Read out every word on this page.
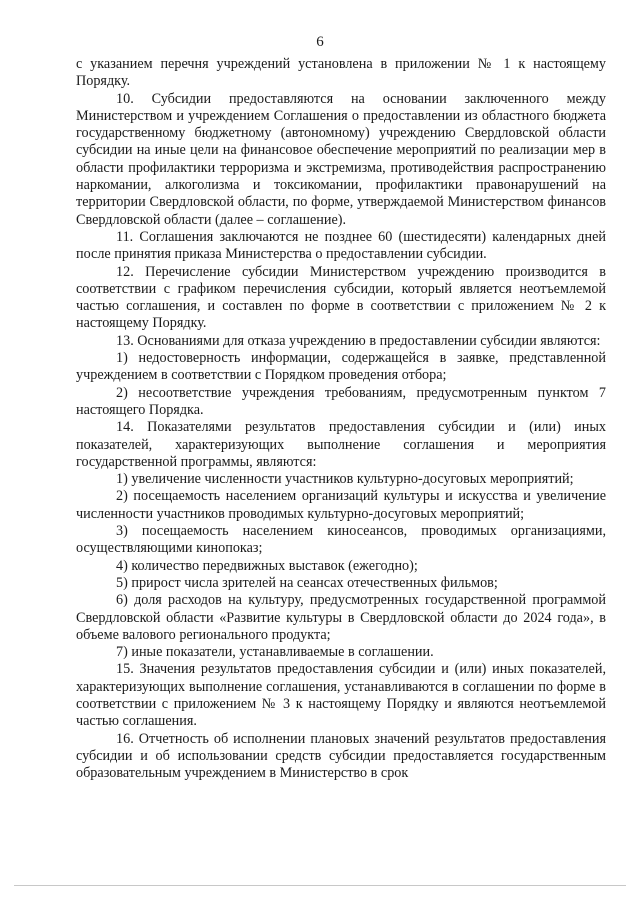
6

с указанием перечня учреждений установлена в приложении № 1 к настоящему Порядку.

10. Субсидии предоставляются на основании заключенного между Министерством и учреждением Соглашения о предоставлении из областного бюджета государственному бюджетному (автономному) учреждению Свердловской области субсидии на иные цели на финансовое обеспечение мероприятий по реализации мер в области профилактики терроризма и экстремизма, противодействия распространению наркомании, алкоголизма и токсикомании, профилактики правонарушений на территории Свердловской области, по форме, утверждаемой Министерством финансов Свердловской области (далее – соглашение).

11. Соглашения заключаются не позднее 60 (шестидесяти) календарных дней после принятия приказа Министерства о предоставлении субсидии.

12. Перечисление субсидии Министерством учреждению производится в соответствии с графиком перечисления субсидии, который является неотъемлемой частью соглашения, и составлен по форме в соответствии с приложением № 2 к настоящему Порядку.

13. Основаниями для отказа учреждению в предоставлении субсидии являются:

1) недостоверность информации, содержащейся в заявке, представленной учреждением в соответствии с Порядком проведения отбора;

2) несоответствие учреждения требованиям, предусмотренным пунктом 7 настоящего Порядка.

14. Показателями результатов предоставления субсидии и (или) иных показателей, характеризующих выполнение соглашения и мероприятия государственной программы, являются:

1) увеличение численности участников культурно-досуговых мероприятий;

2) посещаемость населением организаций культуры и искусства и увеличение численности участников проводимых культурно-досуговых мероприятий;

3) посещаемость населением киносеансов, проводимых организациями, осуществляющими кинопоказ;

4) количество передвижных выставок (ежегодно);

5) прирост числа зрителей на сеансах отечественных фильмов;

6) доля расходов на культуру, предусмотренных государственной программой Свердловской области «Развитие культуры в Свердловской области до 2024 года», в объеме валового регионального продукта;

7) иные показатели, устанавливаемые в соглашении.

15. Значения результатов предоставления субсидии и (или) иных показателей, характеризующих выполнение соглашения, устанавливаются в соглашении по форме в соответствии с приложением № 3 к настоящему Порядку и являются неотъемлемой частью соглашения.

16. Отчетность об исполнении плановых значений результатов предоставления субсидии и об использовании средств субсидии предоставляется государственным образовательным учреждением в Министерство в срок
